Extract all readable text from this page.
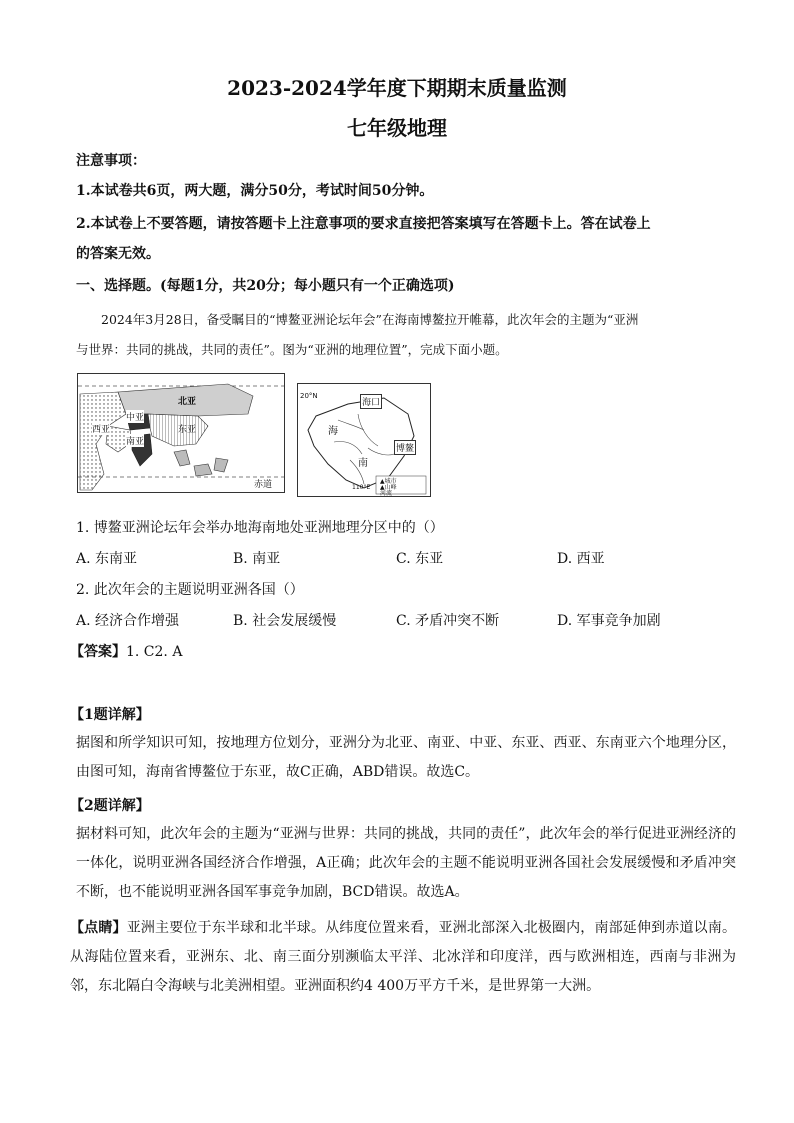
2023-2024学年度下期期末质量监测
七年级地理
注意事项：
1.本试卷共6页，两大题，满分50分，考试时间50分钟。
2.本试卷上不要答题，请按答题卡上注意事项的要求直接把答案填写在答题卡上。答在试卷上
的答案无效。
一、选择题。(每题1分，共20分；每小题只有一个正确选项)
2024年3月28日，备受瞩目的“博鳌亚洲论坛年会”在海南博鳌拉开帷幕，此次年会的主题为“亚洲
与世界：共同的挑战，共同的责任”。图为“亚洲的地理位置”，完成下面小题。
北亚
中亚
西亚
南亚
东亚
赤道
20°N
海口
海
南
博鳌
▲城市
▲山峰
河流
110°E
1. 博鳌亚洲论坛年会举办地海南地处亚洲地理分区中的（）
A. 东南亚	B. 南亚	C. 东亚	D. 西亚
2. 此次年会的主题说明亚洲各国（）
A. 经济合作增强	B. 社会发展缓慢	C. 矛盾冲突不断	D. 军事竞争加剧
【答案】1. C2. A
【1题详解】
据图和所学知识可知，按地理方位划分，亚洲分为北亚、南亚、中亚、东亚、西亚、东南亚六个地理分区，由图可知，海南省博鳌位于东亚，故C正确，ABD错误。故选C。
【2题详解】
据材料可知，此次年会的主题为“亚洲与世界：共同的挑战，共同的责任”，此次年会的举行促进亚洲经济的一体化，说明亚洲各国经济合作增强，A正确；此次年会的主题不能说明亚洲各国社会发展缓慢和矛盾冲突不断，也不能说明亚洲各国军事竞争加剧，BCD错误。故选A。
【点睛】亚洲主要位于东半球和北半球。从纬度位置来看，亚洲北部深入北极圈内，南部延伸到赤道以南。从海陆位置来看，亚洲东、北、南三面分别濒临太平洋、北冰洋和印度洋，西与欧洲相连，西南与非洲为邻，东北隔白令海峡与北美洲相望。亚洲面积约4 400万平方千米，是世界第一大洲。
